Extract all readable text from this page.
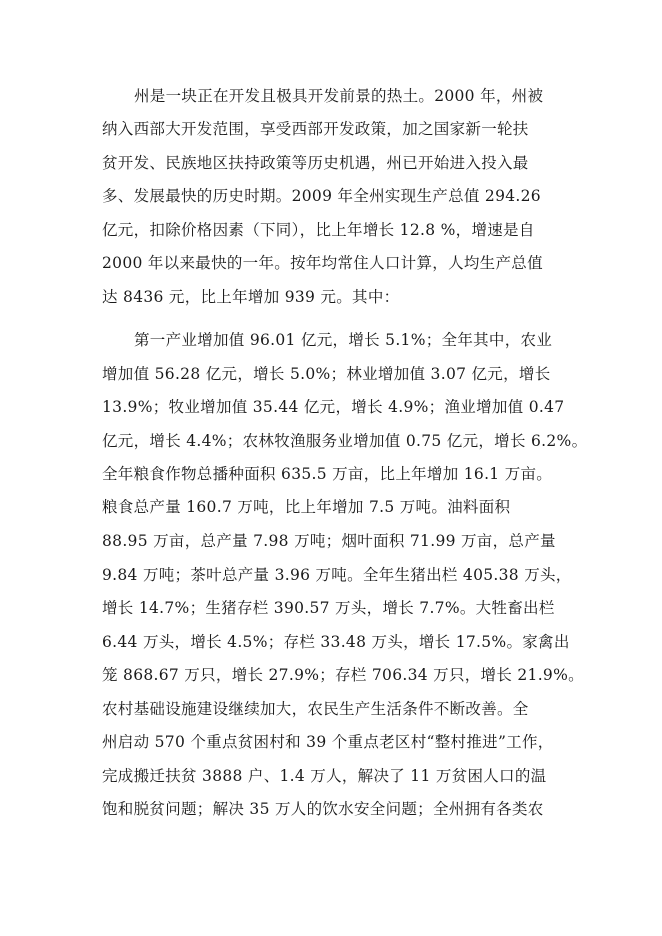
州是一块正在开发且极具开发前景的热土。2000 年，州被
纳入西部大开发范围，享受西部开发政策，加之国家新一轮扶
贫开发、民族地区扶持政策等历史机遇，州已开始进入投入最
多、发展最快的历史时期。2009 年全州实现生产总值 294.26
亿元，扣除价格因素（下同），比上年增长 12.8 %，增速是自
2000 年以来最快的一年。按年均常住人口计算，人均生产总值
达 8436 元，比上年增加 939 元。其中：
第一产业增加值 96.01 亿元，增长 5.1%；全年其中，农业
增加值 56.28 亿元，增长 5.0%；林业增加值 3.07 亿元，增长
13.9%；牧业增加值 35.44 亿元，增长 4.9%；渔业增加值 0.47
亿元，增长 4.4%；农林牧渔服务业增加值 0.75 亿元，增长 6.2%。
全年粮食作物总播种面积 635.5 万亩，比上年增加 16.1 万亩。
粮食总产量 160.7 万吨，比上年增加 7.5 万吨。油料面积
88.95 万亩，总产量 7.98 万吨；烟叶面积 71.99 万亩，总产量
9.84 万吨；茶叶总产量 3.96 万吨。全年生猪出栏 405.38 万头，
增长 14.7%；生猪存栏 390.57 万头，增长 7.7%。大牲畜出栏
6.44 万头，增长 4.5%；存栏 33.48 万头，增长 17.5%。家禽出
笼 868.67 万只，增长 27.9%；存栏 706.34 万只，增长 21.9%。
农村基础设施建设继续加大，农民生产生活条件不断改善。全
州启动 570 个重点贫困村和 39 个重点老区村“整村推进”工作，
完成搬迁扶贫 3888 户、1.4 万人，解决了 11 万贫困人口的温
饱和脱贫问题；解决 35 万人的饮水安全问题；全州拥有各类农
